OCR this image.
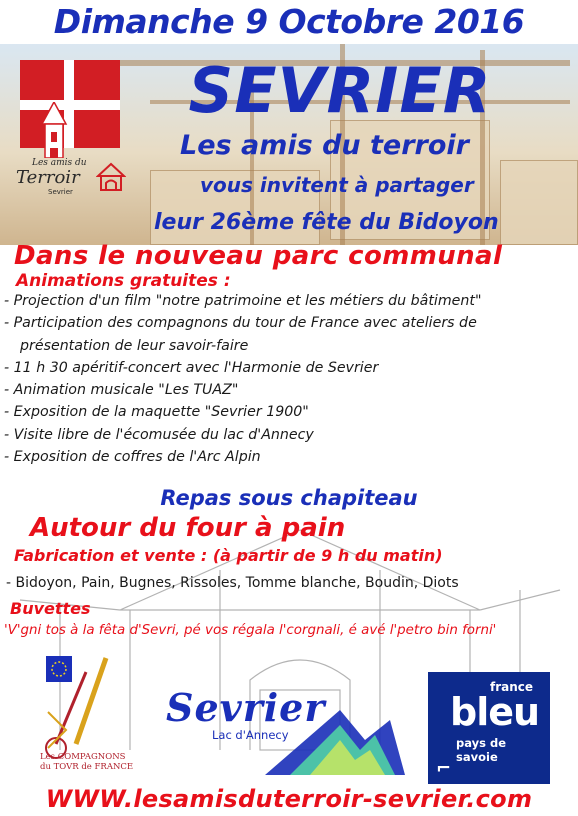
Dimanche 9 Octobre 2016
Les amis du
Terroir
Sevrier
SEVRIER
Les amis du terroir
vous invitent à partager
leur 26ème fête du Bidoyon
Dans le nouveau parc communal
Animations gratuites :
- Projection d'un film "notre patrimoine et les métiers du bâtiment"
- Participation des compagnons du tour de France avec ateliers de
présentation de leur savoir-faire
- 11 h 30 apéritif-concert avec l'Harmonie de Sevrier
- Animation musicale "Les TUAZ"
- Exposition de la maquette "Sevrier 1900"
- Visite libre de l'écomusée du lac d'Annecy
- Exposition de coffres de l'Arc Alpin
Repas sous chapiteau
Autour du four à pain
Fabrication et vente : (à partir de 9 h du matin)
- Bidoyon, Pain, Bugnes, Rissoles, Tomme blanche, Boudin, Diots
Buvettes
'V'gni tos à la fêta d'Sevri, pé vos régala l'corgnali, é avé l'petro bin forni'
Les COMPAGNONS
du TOVR de FRANCE
Sevrier
Lac d'Annecy
france
bleu
pays de savoie
⌐
WWW.lesamisduterroir-sevrier.com
